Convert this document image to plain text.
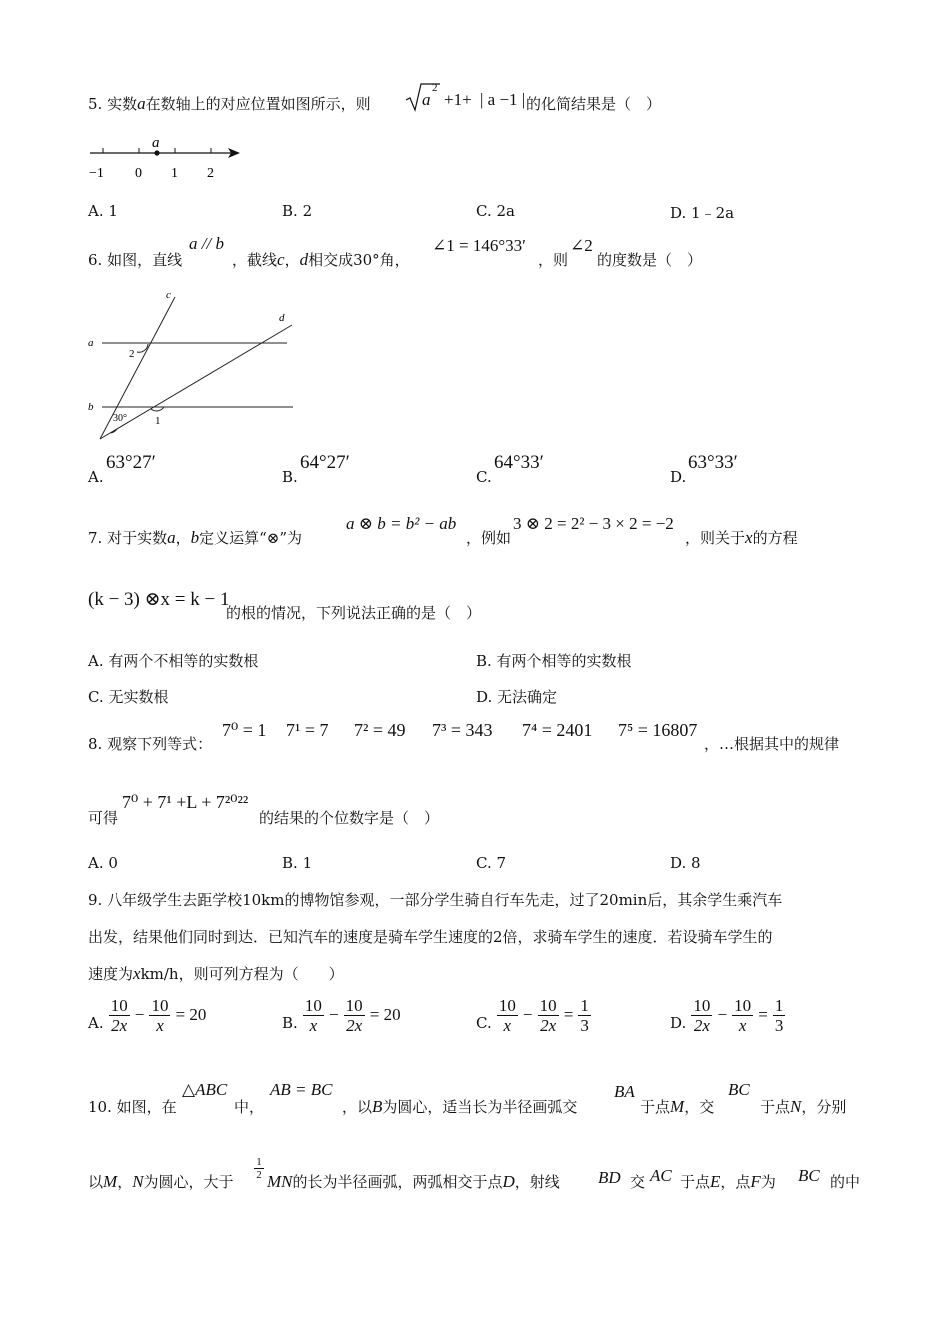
5. 实数a在数轴上的对应位置如图所示，则	a
2
+1+ | a −1 | 的化简结果是（　）
a
−1 0 1 2
A. 1	B. 2	C. 2a	D. 1﹣2a
6. 如图，直线
a // b
，截线c，d相交成30°角，
∠1 = 146°33′
，则
∠2
的度数是（　）
c
d
a
b
2
1
30°
A.
63°27′
B.
64°27′
C.
64°33′
D.
63°33′
7. 对于实数a，b定义运算“⊗”为
a ⊗ b = b² − ab
，例如
3 ⊗ 2 = 2² − 3 × 2 = −2
，则关于x的方程
(k − 3) ⊗x = k − 1
的根的情况，下列说法正确的是（　）
A. 有两个不相等的实数根	B. 有两个相等的实数根
C. 无实数根	D. 无法确定
8. 观察下列等式：
7⁰ = 1 7¹ = 7 7² = 49 7³ = 343 7⁴ = 2401 7⁵ = 16807
，…根据其中的规律
可得
7⁰ + 7¹ +L + 7²⁰²²
的结果的个位数字是（　）
A. 0	B. 1	C. 7	D. 8
9. 八年级学生去距学校10km的博物馆参观，一部分学生骑自行车先走，过了20min后，其余学生乘汽车
出发，结果他们同时到达．已知汽车的速度是骑车学生速度的2倍，求骑车学生的速度．若设骑车学生的
速度为xkm/h，则可列方程为（　　）
A. $\frac{10}{2x} - \frac{10}{x} = 20$	B. $\frac{10}{x} - \frac{10}{2x} = 20$	C. $\frac{10}{x} - \frac{10}{2x} = \frac{1}{3}$	D. $\frac{10}{2x} - \frac{10}{x} = \frac{1}{3}$
10. 如图，在
△ABC
中，
AB = BC
，以B为圆心，适当长为半径画弧交
BA
于点M，交
BC
于点N，分别
以M，N为圆心，大于
1
2 MN的长为半径画弧，两弧相交于点D，射线 BD 交 AC 于点E，点F为 BC 的中
